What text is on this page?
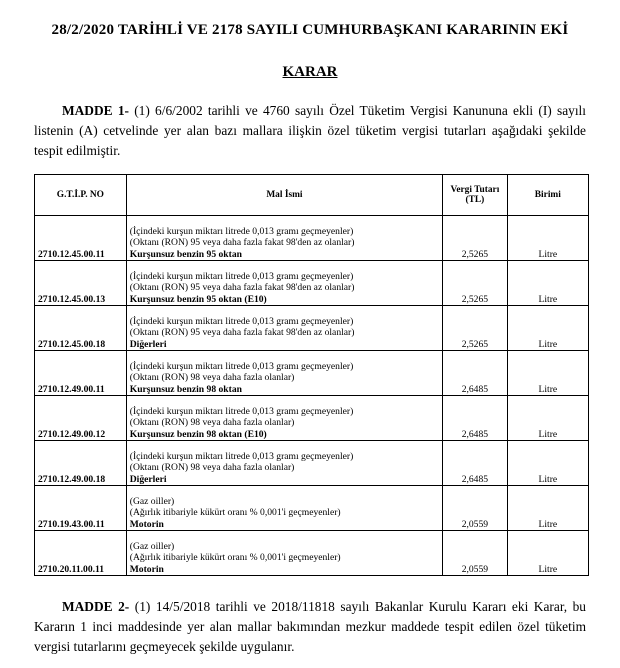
28/2/2020 TARİHLİ VE 2178 SAYILI CUMHURBAŞKANI KARARININ EKİ
KARAR
MADDE 1- (1) 6/6/2002 tarihli ve 4760 sayılı Özel Tüketim Vergisi Kanununa ekli (I) sayılı listenin (A) cetvelinde yer alan bazı mallara ilişkin özel tüketim vergisi tutarları aşağıdaki şekilde tespit edilmiştir.
G.T.İ.P. NO	Mal İsmi	Vergi Tutarı (TL)	Birimi
2710.12.45.00.11	(İçindeki kurşun miktarı litrede 0,013 gramı geçmeyenler)
(Oktanı (RON) 95 veya daha fazla fakat 98'den az olanlar)
Kurşunsuz benzin 95 oktan	2,5265	Litre
2710.12.45.00.13	(İçindeki kurşun miktarı litrede 0,013 gramı geçmeyenler)
(Oktanı (RON) 95 veya daha fazla fakat 98'den az olanlar)
Kurşunsuz benzin 95 oktan (E10)	2,5265	Litre
2710.12.45.00.18	(İçindeki kurşun miktarı litrede 0,013 gramı geçmeyenler)
(Oktanı (RON) 95 veya daha fazla fakat 98'den az olanlar)
Diğerleri	2,5265	Litre
2710.12.49.00.11	(İçindeki kurşun miktarı litrede 0,013 gramı geçmeyenler)
(Oktanı (RON) 98 veya daha fazla olanlar)
Kurşunsuz benzin 98 oktan	2,6485	Litre
2710.12.49.00.12	(İçindeki kurşun miktarı litrede 0,013 gramı geçmeyenler)
(Oktanı (RON) 98 veya daha fazla olanlar)
Kurşunsuz benzin 98 oktan (E10)	2,6485	Litre
2710.12.49.00.18	(İçindeki kurşun miktarı litrede 0,013 gramı geçmeyenler)
(Oktanı (RON) 98 veya daha fazla olanlar)
Diğerleri	2,6485	Litre
2710.19.43.00.11	(Gaz oiller)
(Ağırlık itibariyle kükürt oranı % 0,001'i geçmeyenler)
Motorin	2,0559	Litre
2710.20.11.00.11	(Gaz oiller)
(Ağırlık itibariyle kükürt oranı % 0,001'i geçmeyenler)
Motorin	2,0559	Litre
MADDE 2- (1) 14/5/2018 tarihli ve 2018/11818 sayılı Bakanlar Kurulu Kararı eki Karar, bu Kararın 1 inci maddesinde yer alan mallar bakımından mezkur maddede tespit edilen özel tüketim vergisi tutarlarını geçmeyecek şekilde uygulanır.
